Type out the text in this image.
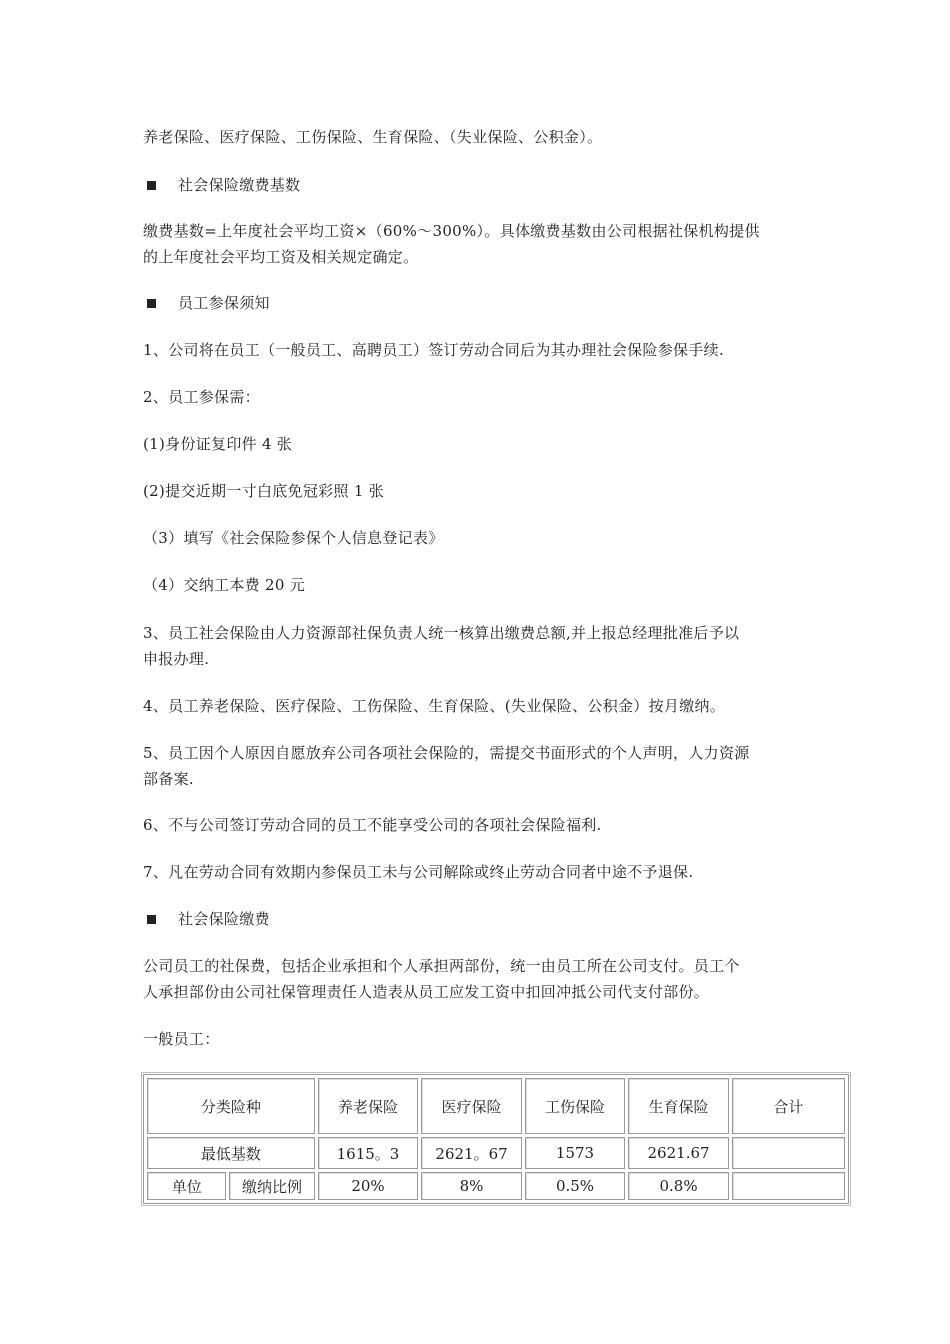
养老保险、医疗保险、工伤保险、生育保险、（失业保险、公积金）。

社会保险缴费基数

缴费基数=上年度社会平均工资×（60%～300%）。具体缴费基数由公司根据社保机构提供

的上年度社会平均工资及相关规定确定。

员工参保须知

1、公司将在员工（一般员工、高聘员工）签订劳动合同后为其办理社会保险参保手续.

2、员工参保需：

(1)身份证复印件 4 张

(2)提交近期一寸白底免冠彩照 1 张

（3）填写《社会保险参保个人信息登记表》

（4）交纳工本费 20 元

3、员工社会保险由人力资源部社保负责人统一核算出缴费总额,并上报总经理批准后予以

申报办理.

4、员工养老保险、医疗保险、工伤保险、生育保险、(失业保险、公积金）按月缴纳。

5、员工因个人原因自愿放弃公司各项社会保险的，需提交书面形式的个人声明，人力资源

部备案.

6、不与公司签订劳动合同的员工不能享受公司的各项社会保险福利.

7、凡在劳动合同有效期内参保员工未与公司解除或终止劳动合同者中途不予退保.

社会保险缴费

公司员工的社保费，包括企业承担和个人承担两部份，统一由员工所在公司支付。员工个

人承担部份由公司社保管理责任人造表从员工应发工资中扣回冲抵公司代支付部份。

一般员工：

分类险种		养老保险	医疗保险	工伤保险	生育保险	合计
最低基数		1615。3	2621。67	1573	2621.67	
单位	缴纳比例	20%	8%	0.5%	0.8%	
